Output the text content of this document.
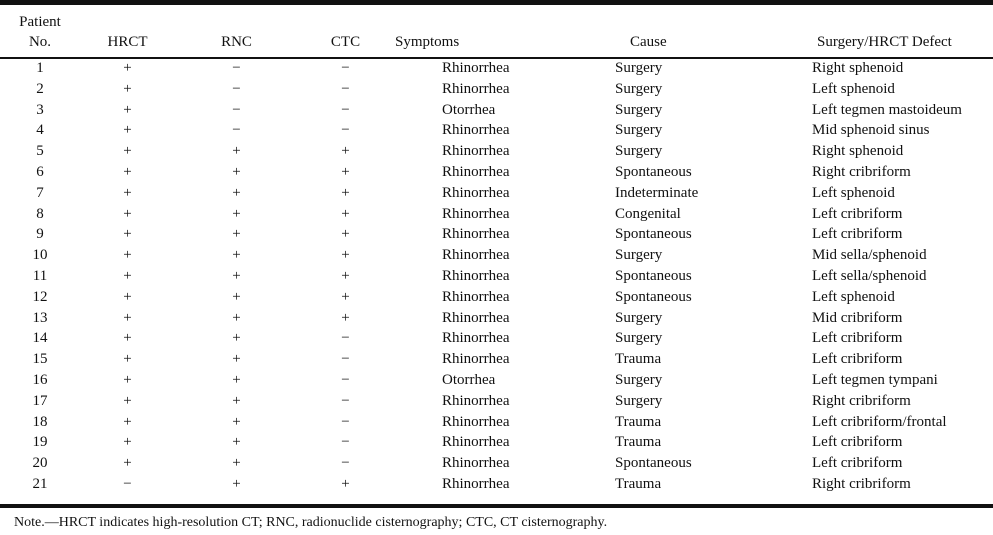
Patient
No.	HRCT	RNC	CTC	Symptoms	Cause	Surgery/HRCT Defect

1	+	−	−	Rhinorrhea	Surgery	Right sphenoid
2	+	−	−	Rhinorrhea	Surgery	Left sphenoid
3	+	−	−	Otorrhea	Surgery	Left tegmen mastoideum
4	+	−	−	Rhinorrhea	Surgery	Mid sphenoid sinus
5	+	+	+	Rhinorrhea	Surgery	Right sphenoid
6	+	+	+	Rhinorrhea	Spontaneous	Right cribriform
7	+	+	+	Rhinorrhea	Indeterminate	Left sphenoid
8	+	+	+	Rhinorrhea	Congenital	Left cribriform
9	+	+	+	Rhinorrhea	Spontaneous	Left cribriform
10	+	+	+	Rhinorrhea	Surgery	Mid sella/sphenoid
11	+	+	+	Rhinorrhea	Spontaneous	Left sella/sphenoid
12	+	+	+	Rhinorrhea	Spontaneous	Left sphenoid
13	+	+	+	Rhinorrhea	Surgery	Mid cribriform
14	+	+	−	Rhinorrhea	Surgery	Left cribriform
15	+	+	−	Rhinorrhea	Trauma	Left cribriform
16	+	+	−	Otorrhea	Surgery	Left tegmen tympani
17	+	+	−	Rhinorrhea	Surgery	Right cribriform
18	+	+	−	Rhinorrhea	Trauma	Left cribriform/frontal
19	+	+	−	Rhinorrhea	Trauma	Left cribriform
20	+	+	−	Rhinorrhea	Spontaneous	Left cribriform
21	−	+	+	Rhinorrhea	Trauma	Right cribriform
Note.—HRCT indicates high-resolution CT; RNC, radionuclide cisternography; CTC, CT cisternography.
